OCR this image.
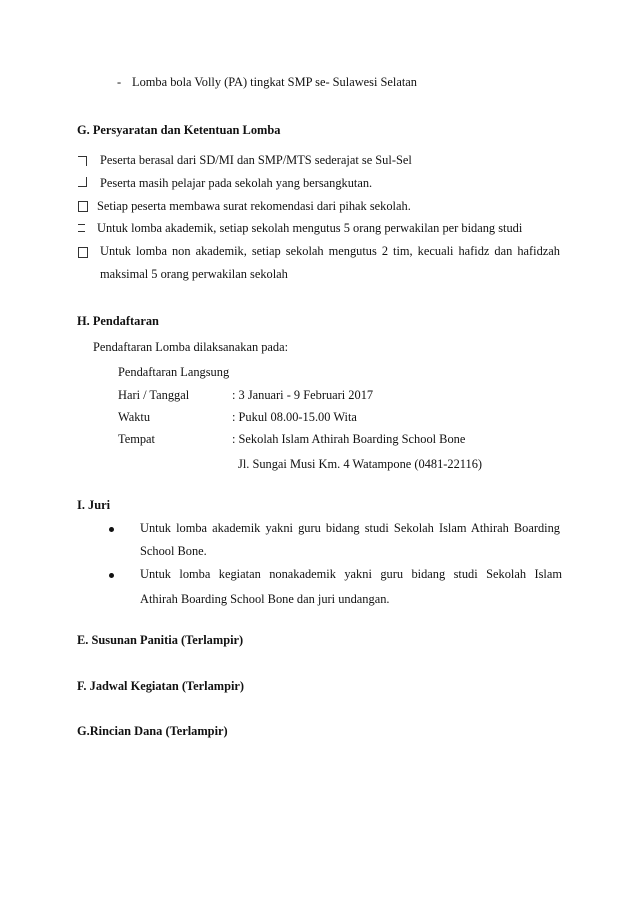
- Lomba bola Volly (PA) tingkat SMP se- Sulawesi Selatan
G. Persyaratan dan Ketentuan Lomba
Peserta berasal dari SD/MI dan SMP/MTS sederajat se Sul-Sel
Peserta masih pelajar pada sekolah yang bersangkutan.
Setiap peserta membawa surat rekomendasi dari pihak sekolah.
Untuk lomba akademik, setiap sekolah mengutus 5 orang perwakilan per bidang studi
Untuk lomba non akademik, setiap sekolah mengutus 2 tim, kecuali hafidz dan hafidzah
maksimal 5 orang perwakilan sekolah
H. Pendaftaran
Pendaftaran Lomba dilaksanakan pada:
Pendaftaran Langsung
Hari / Tanggal	: 3 Januari - 9 Februari 2017
Waktu	: Pukul 08.00-15.00 Wita
Tempat	: Sekolah Islam Athirah Boarding School Bone
Jl. Sungai Musi Km. 4 Watampone (0481-22116)
I. Juri
Untuk lomba akademik yakni guru bidang studi Sekolah Islam Athirah Boarding
School Bone.
Untuk lomba kegiatan nonakademik yakni guru bidang studi Sekolah Islam
Athirah Boarding School Bone dan juri undangan.
E. Susunan Panitia (Terlampir)
F. Jadwal Kegiatan (Terlampir)
G.Rincian Dana (Terlampir)
